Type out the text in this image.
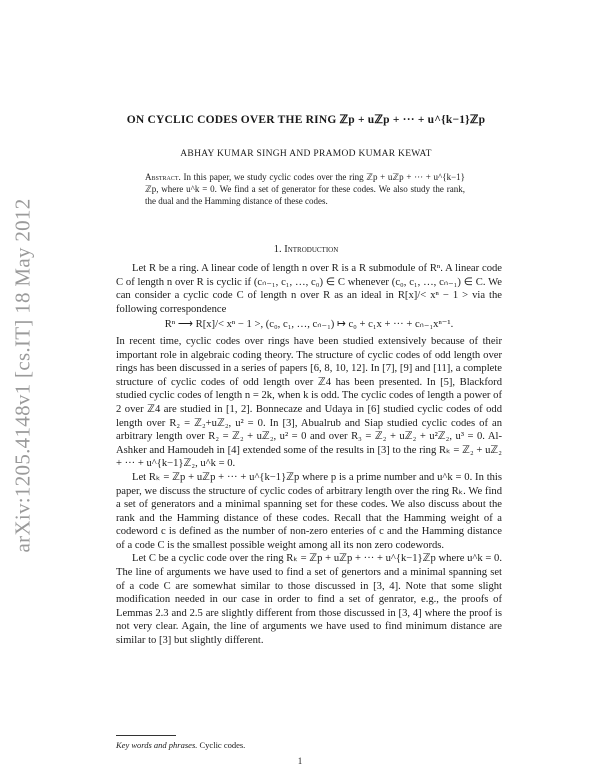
arXiv:1205.4148v1 [cs.IT] 18 May 2012
ON CYCLIC CODES OVER THE RING ℤp + uℤp + ··· + u^{k−1}ℤp
ABHAY KUMAR SINGH AND PRAMOD KUMAR KEWAT
Abstract. In this paper, we study cyclic codes over the ring ℤp + uℤp + ··· + u^{k−1}ℤp, where u^k = 0. We find a set of generator for these codes. We also study the rank, the dual and the Hamming distance of these codes.
1. Introduction

Let R be a ring. A linear code of length n over R is a R submodule of Rⁿ. A linear code C of length n over R is cyclic if (cₙ₋₁, c₁, …, c₀) ∈ C whenever (c₀, c₁, …, cₙ₋₁) ∈ C. We can consider a cyclic code C of length n over R as an ideal in R[x]/< xⁿ − 1 > via the following correspondence

Rⁿ ⟶ R[x]/< xⁿ − 1 >, (c₀, c₁, …, cₙ₋₁) ↦ c₀ + c₁x + ··· + cₙ₋₁xⁿ⁻¹.

In recent time, cyclic codes over rings have been studied extensively because of their important role in algebraic coding theory. The structure of cyclic codes of odd length over rings has been discussed in a series of papers [6, 8, 10, 12]. In [7], [9] and [11], a complete structure of cyclic codes of odd length over ℤ4 has been presented. In [5], Blackford studied cyclic codes of length n = 2k, when k is odd. The cyclic codes of length a power of 2 over ℤ4 are studied in [1, 2]. Bonnecaze and Udaya in [6] studied cyclic codes of odd length over R₂ = ℤ₂+uℤ₂, u² = 0. In [3], Abualrub and Siap studied cyclic codes of an arbitrary length over R₂ = ℤ₂ + uℤ₂, u² = 0 and over R₃ = ℤ₂ + uℤ₂ + u²ℤ₂, u³ = 0. Al-Ashker and Hamoudeh in [4] extended some of the results in [3] to the ring Rₖ = ℤ₂ + uℤ₂ + ··· + u^{k−1}ℤ₂, u^k = 0.

Let Rₖ = ℤp + uℤp + ··· + u^{k−1}ℤp where p is a prime number and u^k = 0. In this paper, we discuss the structure of cyclic codes of arbitrary length over the ring Rₖ. We find a set of generators and a minimal spanning set for these codes. We also discuss about the rank and the Hamming distance of these codes. Recall that the Hamming weight of a codeword c is defined as the number of non-zero enteries of c and the Hamming distance of a code C is the smallest possible weight among all its non zero codewords.

Let C be a cyclic code over the ring Rₖ = ℤp + uℤp + ··· + u^{k−1}ℤp where u^k = 0. The line of arguments we have used to find a set of genertors and a minimal spanning set of a code C are somewhat similar to those discussed in [3, 4]. Note that some slight modification needed in our case in order to find a set of genrator, e.g., the proofs of Lemmas 2.3 and 2.5 are slightly different from those discussed in [3, 4] where the proof is not very clear. Again, the line of arguments we have used to find minimum distance are similar to [3] but slightly different.

Key words and phrases. Cyclic codes.
1
